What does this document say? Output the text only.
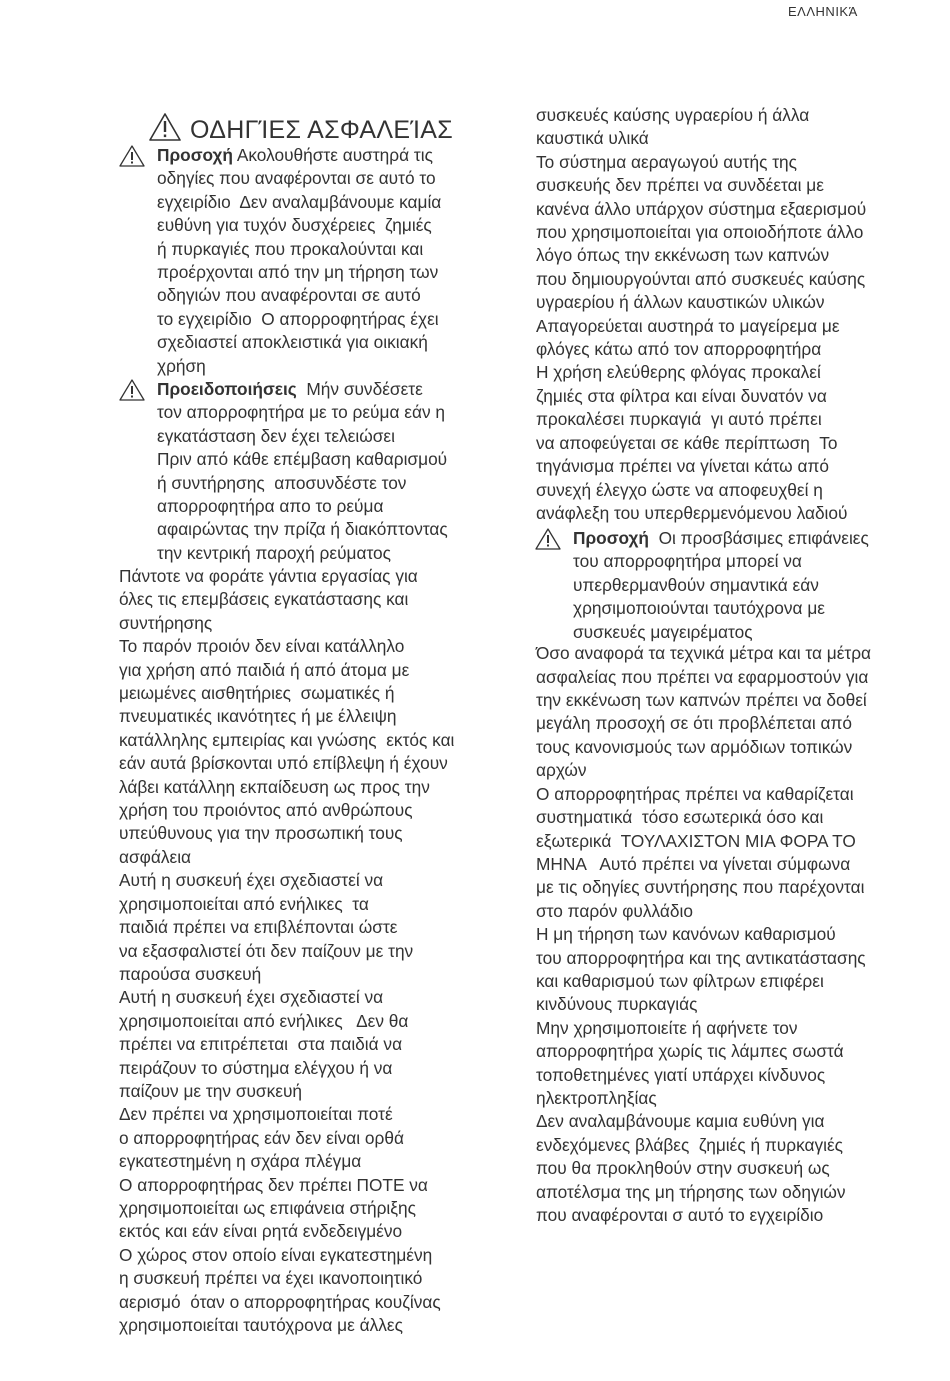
ΕΛΛΗΝΙΚΆ
ΟΔΗΓΊΕΣ ΑΣΦΑΛΕΊΑΣ
Προσοχή Ακολουθήστε αυστηρά τις
οδηγίες που αναφέρονται σε αυτό το
εγχειρίδιο  Δεν αναλαμβάνουμε καμία
ευθύνη για τυχόν δυσχέρειες  ζημιές
ή πυρκαγιές που προκαλούνται και
προέρχονται από την μη τήρηση των
οδηγιών που αναφέρονται σε αυτό
το εγχειρίδιο  Ο απορροφητήρας έχει
σχεδιαστεί αποκλειστικά για οικιακή
χρήση
Προειδοποιήσεις  Μήν συνδέσετε
τον απορροφητήρα με το ρεύμα εάν η
εγκατάσταση δεν έχει τελειώσει
Πριν από κάθε επέμβαση καθαρισμού
ή συντήρησης  αποσυνδέστε τον
απορροφητήρα απο το ρεύμα
αφαιρώντας την πρίζα ή διακόπτοντας
την κεντρική παροχή ρεύματος
Πάντοτε να φοράτε γάντια εργασίας για
όλες τις επεμβάσεις εγκατάστασης και
συντήρησης
Το παρόν προιόν δεν είναι κατάλληλο
για χρήση από παιδιά ή από άτομα με
μειωμένες αισθητήριες  σωματικές ή
πνευματικές ικανότητες ή με έλλειψη
κατάλληλης εμπειρίας και γνώσης  εκτός και
εάν αυτά βρίσκονται υπό επίβλεψη ή έχουν
λάβει κατάλληη εκπαίδευση ως προς την
χρήση του προιόντος από ανθρώπους
υπεύθυνους για την προσωπική τους
ασφάλεια
Αυτή η συσκευή έχει σχεδιαστεί να
χρησιμοποιείται από ενήλικες  τα
παιδιά πρέπει να επιβλέπονται ώστε
να εξασφαλιστεί ότι δεν παίζουν με την
παρούσα συσκευή
Αυτή η συσκευή έχει σχεδιαστεί να
χρησιμοποιείται από ενήλικες   Δεν θα
πρέπει να επιτρέπεται  στα παιδιά να
πειράζουν το σύστημα ελέγχου ή να
παίζουν με την συσκευή
Δεν πρέπει να χρησιμοποιείται ποτέ
ο απορροφητήρας εάν δεν είναι ορθά
εγκατεστημένη η σχάρα πλέγμα
Ο απορροφητήρας δεν πρέπει ΠΟΤΕ να
χρησιμοποιείται ως επιφάνεια στήριξης
εκτός και εάν είναι ρητά ενδεδειγμένο
Ο χώρος στον οποίο είναι εγκατεστημένη
η συσκευή πρέπει να έχει ικανοποιητικό
αερισμό  όταν ο απορροφητήρας κουζίνας
χρησιμοποιείται ταυτόχρονα με άλλες
συσκευές καύσης υγραερίου ή άλλα
καυστικά υλικά
Το σύστημα αεραγωγού αυτής της
συσκευής δεν πρέπει να συνδέεται με
κανένα άλλο υπάρχον σύστημα εξαερισμού
που χρησιμοποιείται για οποιοδήποτε άλλο
λόγο όπως την εκκένωση των καπνών
που δημιουργούνται από συσκευές καύσης
υγραερίου ή άλλων καυστικών υλικών
Απαγορεύεται αυστηρά το μαγείρεμα με
φλόγες κάτω από τον απορροφητήρα
Η χρήση ελεύθερης φλόγας προκαλεί
ζημιές στα φίλτρα και είναι δυνατόν να
προκαλέσει πυρκαγιά  γι αυτό πρέπει
να αποφεύγεται σε κάθε περίπτωση  Το
τηγάνισμα πρέπει να γίνεται κάτω από
συνεχή έλεγχο ώστε να αποφευχθεί η
ανάφλεξη του υπερθερμενόμενου λαδιού
Όσο αναφορά τα τεχνικά μέτρα και τα μέτρα
ασφαλείας που πρέπει να εφαρμοστούν για
την εκκένωση των καπνών πρέπει να δοθεί
μεγάλη προσοχή σε ότι προβλέπεται από
τους κανονισμούς των αρμόδιων τοπικών
αρχών
Ο απορροφητήρας πρέπει να καθαρίζεται
συστηματικά  τόσο εσωτερικά όσο και
εξωτερικά  ΤΟΥΛΑΧΙΣΤΟΝ ΜΙΑ ΦΟΡΑ ΤΟ
ΜΗΝΑ   Αυτό πρέπει να γίνεται σύμφωνα
με τις οδηγίες συντήρησης που παρέχονται
στο παρόν φυλλάδιο
Η μη τήρηση των κανόνων καθαρισμού
του απορροφητήρα και της αντικατάστασης
και καθαρισμού των φίλτρων επιφέρει
κινδύνους πυρκαγιάς
Μην χρησιμοποιείτε ή αφήνετε τον
απορροφητήρα χωρίς τις λάμπες σωστά
τοποθετημένες γιατί υπάρχει κίνδυνος
ηλεκτροπληξίας
Δεν αναλαμβάνουμε καμια ευθύνη για
ενδεχόμενες βλάβες  ζημιές ή πυρκαγιές
που θα προκληθούν στην συσκευή ως
αποτέλσμα της μη τήρησης των οδηγιών
που αναφέρονται σ αυτό το εγχειρίδιο
Προσοχή  Οι προσβάσιμες επιφάνειες
του απορροφητήρα μπορεί να
υπερθερμανθούν σημαντικά εάν
χρησιμοποιούνται ταυτόχρονα με
συσκευές μαγειρέματος
